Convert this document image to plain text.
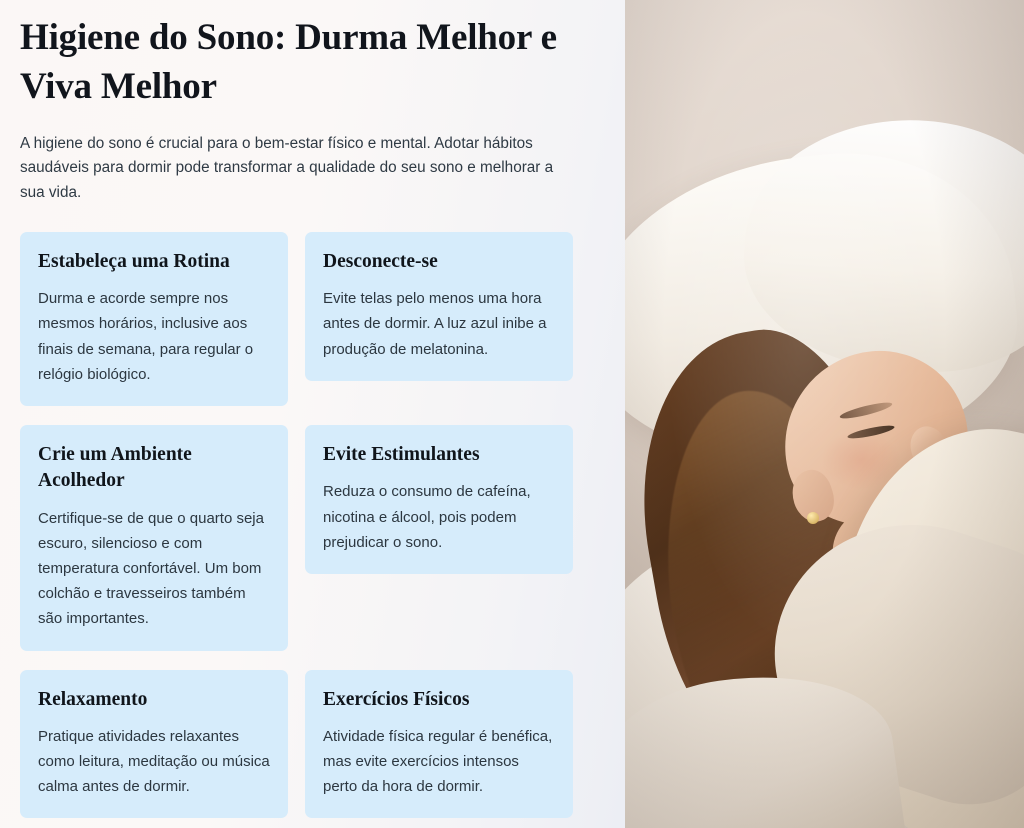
Higiene do Sono: Durma Melhor e Viva Melhor

A higiene do sono é crucial para o bem-estar físico e mental. Adotar hábitos saudáveis para dormir pode transformar a qualidade do seu sono e melhorar a sua vida.

Estabeleça uma Rotina

Durma e acorde sempre nos mesmos horários, inclusive aos finais de semana, para regular o relógio biológico.

Desconecte-se

Evite telas pelo menos uma hora antes de dormir. A luz azul inibe a produção de melatonina.

Crie um Ambiente Acolhedor

Certifique-se de que o quarto seja escuro, silencioso e com temperatura confortável. Um bom colchão e travesseiros também são importantes.

Evite Estimulantes

Reduza o consumo de cafeína, nicotina e álcool, pois podem prejudicar o sono.

Relaxamento

Pratique atividades relaxantes como leitura, meditação ou música calma antes de dormir.

Exercícios Físicos

Atividade física regular é benéfica, mas evite exercícios intensos perto da hora de dormir.
